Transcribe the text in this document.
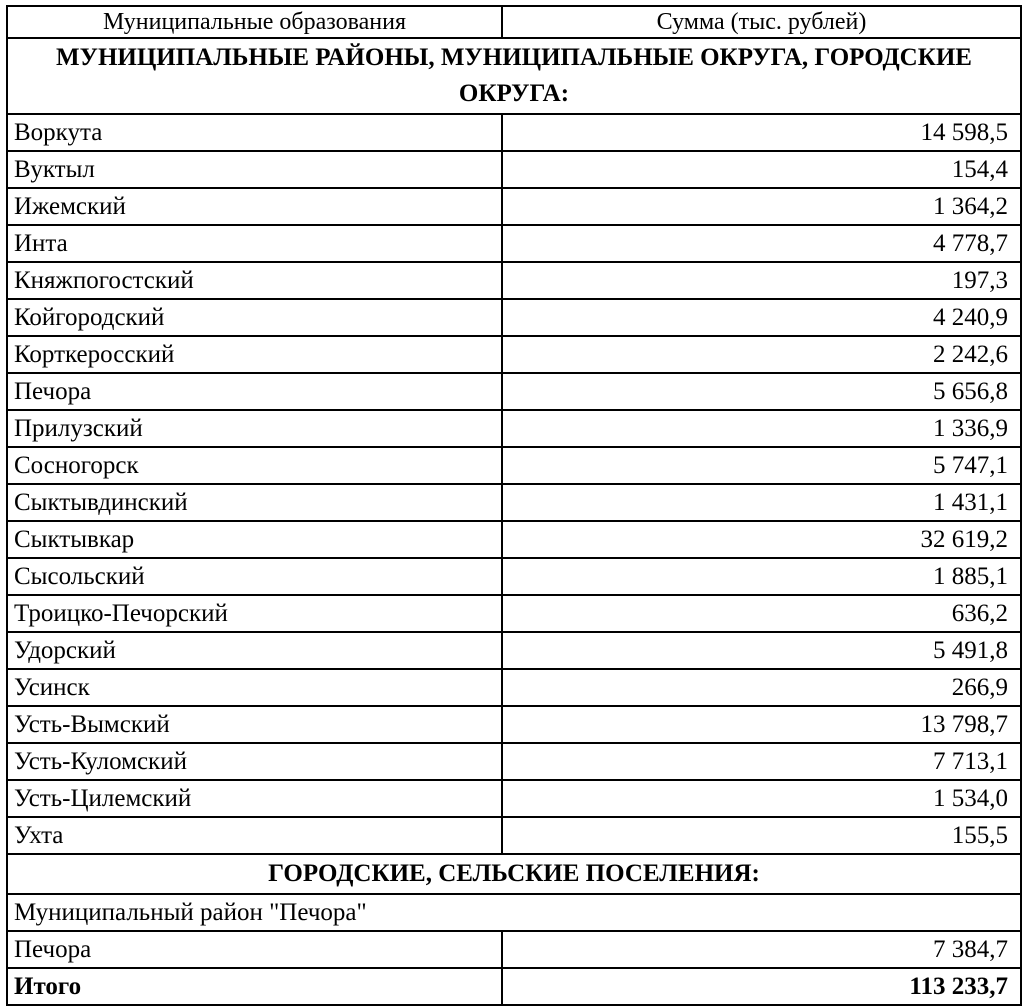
Муниципальные образования	Сумма (тыс. рублей)
МУНИЦИПАЛЬНЫЕ РАЙОНЫ, МУНИЦИПАЛЬНЫЕ ОКРУГА, ГОРОДСКИЕ ОКРУГА:	
Воркута	14 598,5
Вуктыл	154,4
Ижемский	1 364,2
Инта	4 778,7
Княжпогостский	197,3
Койгородский	4 240,9
Корткеросский	2 242,6
Печора	5 656,8
Прилузский	1 336,9
Сосногорск	5 747,1
Сыктывдинский	1 431,1
Сыктывкар	32 619,2
Сысольский	1 885,1
Троицко-Печорский	636,2
Удорский	5 491,8
Усинск	266,9
Усть-Вымский	13 798,7
Усть-Куломский	7 713,1
Усть-Цилемский	1 534,0
Ухта	155,5
ГОРОДСКИЕ, СЕЛЬСКИЕ ПОСЕЛЕНИЯ:	
Муниципальный район "Печора"	
Печора	7 384,7
Итого	113 233,7
